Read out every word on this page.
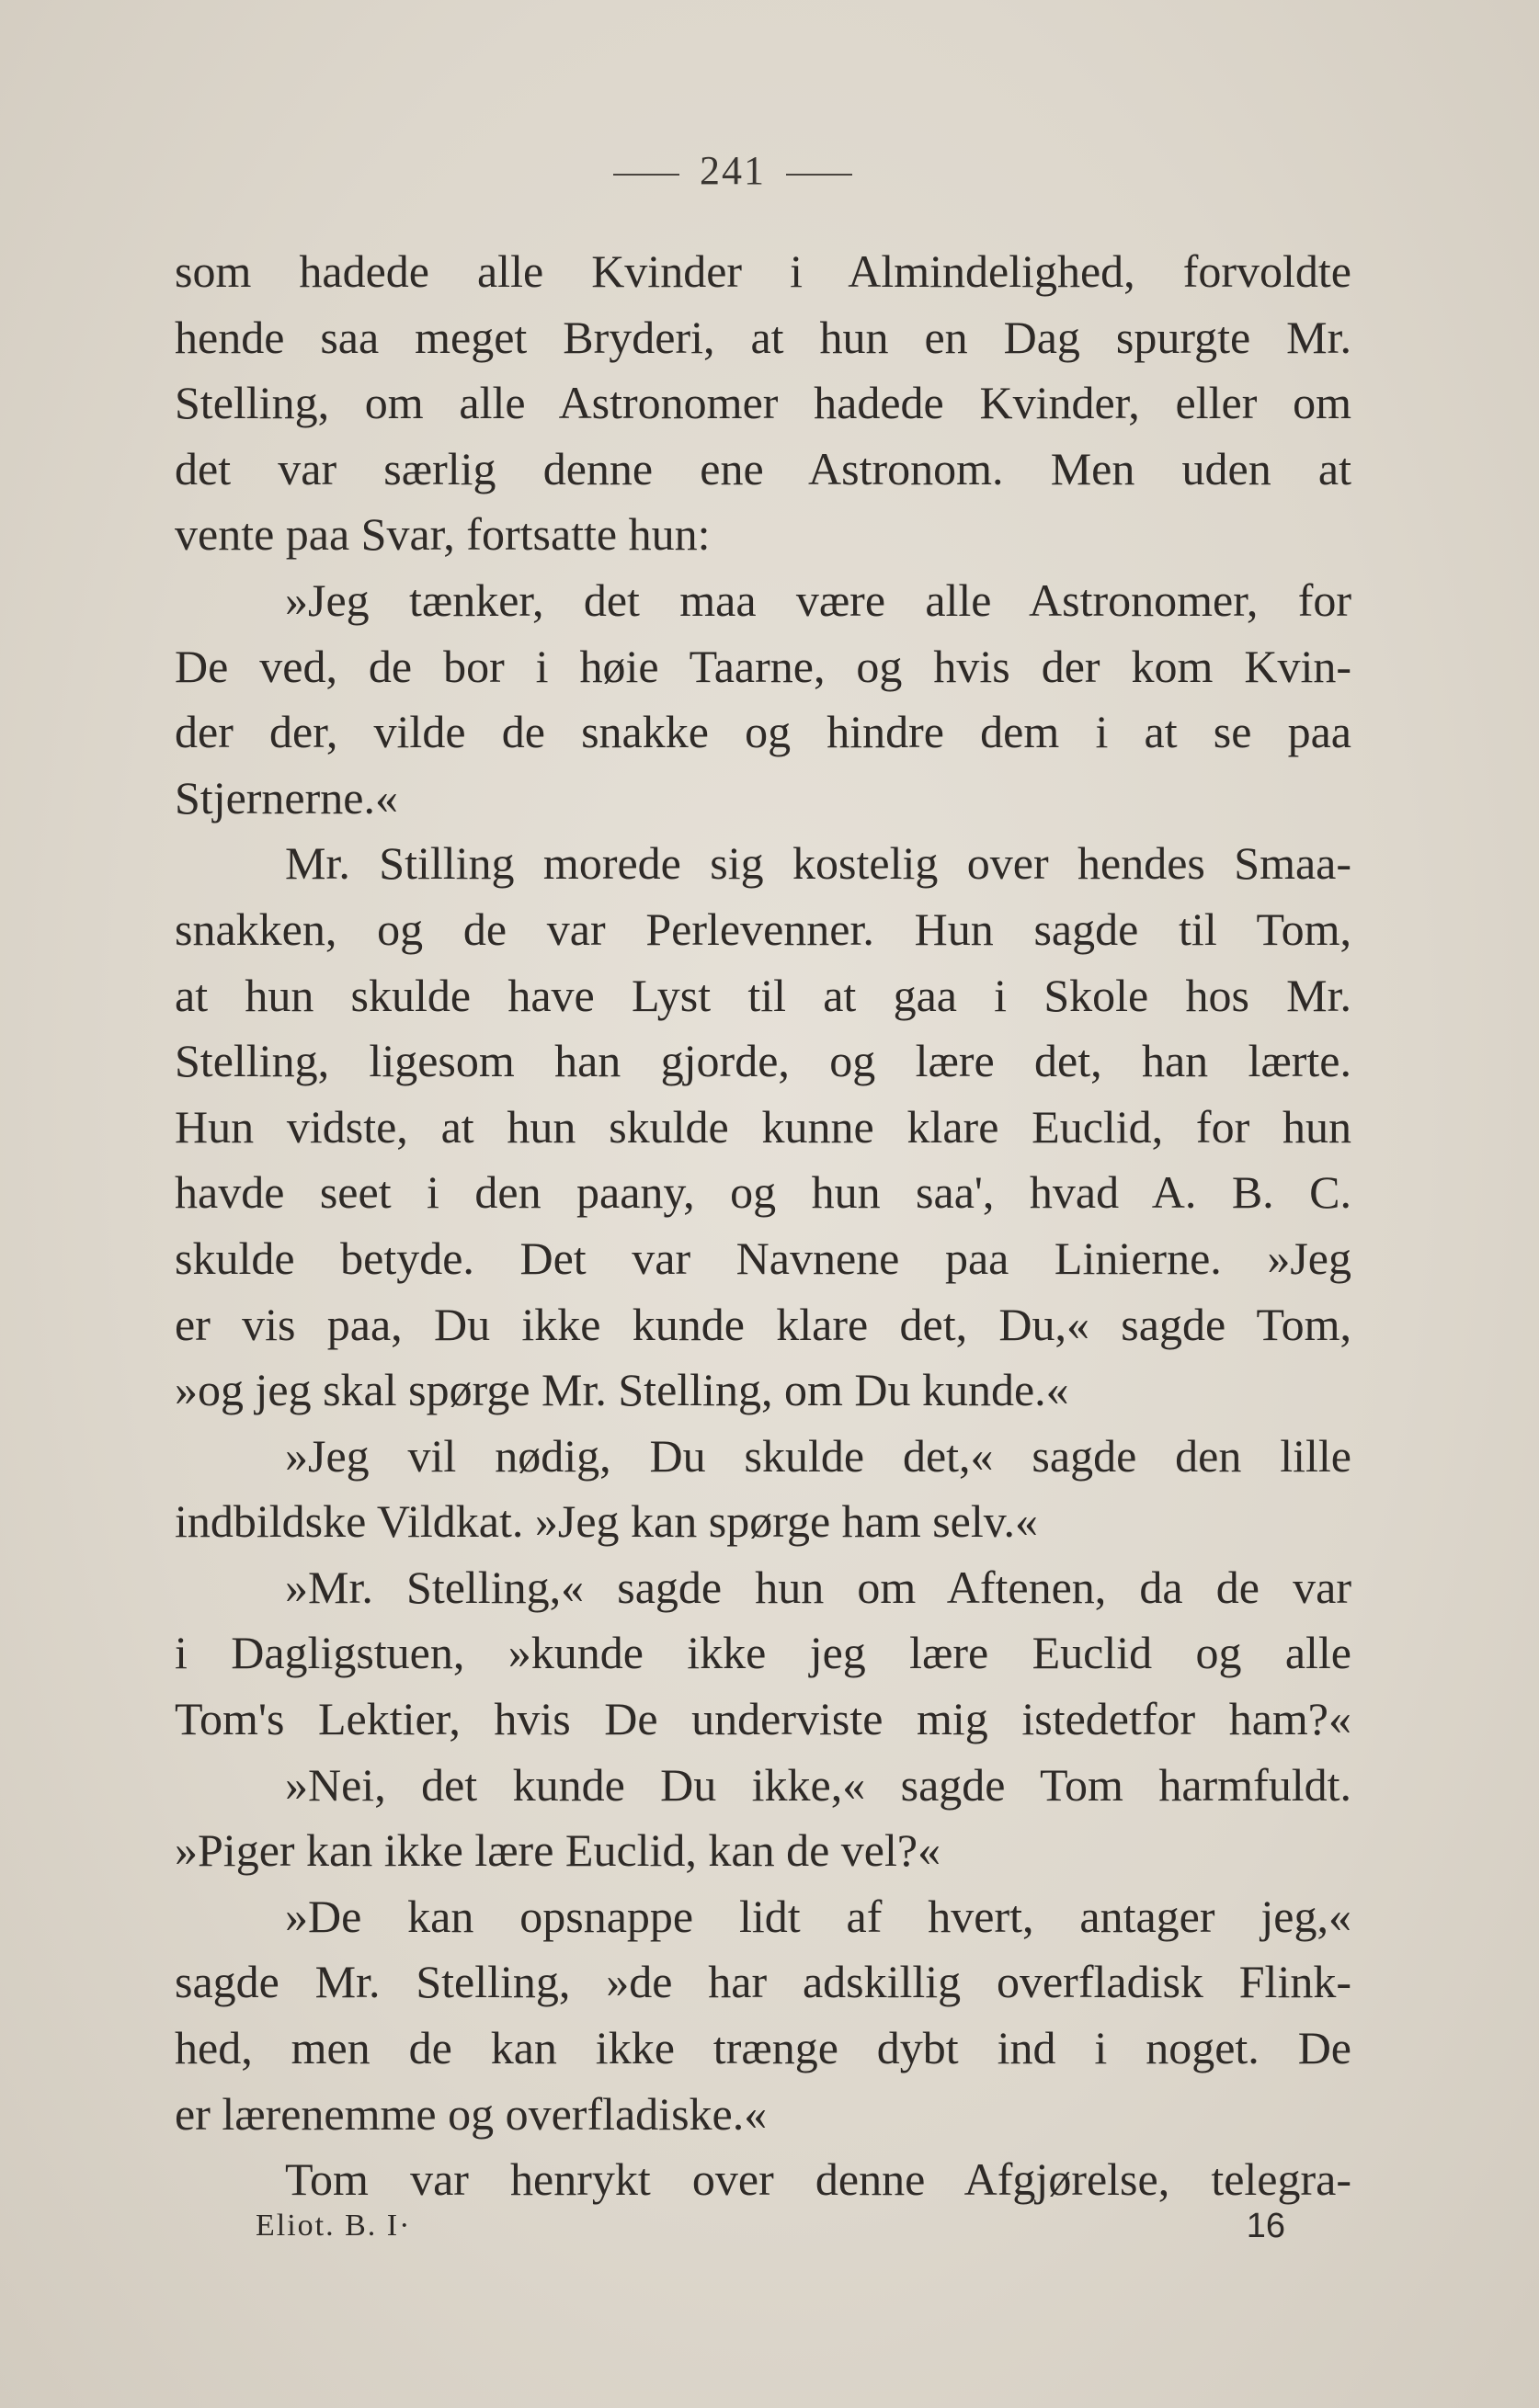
241
som hadede alle Kvinder i Almindelighed, forvoldte
hende saa meget Bryderi, at hun en Dag spurgte Mr.
Stelling, om alle Astronomer hadede Kvinder, eller om
det var særlig denne ene Astronom. Men uden at
vente paa Svar, fortsatte hun:
»Jeg tænker, det maa være alle Astronomer, for
De ved, de bor i høie Taarne, og hvis der kom Kvin-
der der, vilde de snakke og hindre dem i at se paa
Stjernerne.«
Mr. Stilling morede sig kostelig over hendes Smaa-
snakken, og de var Perlevenner. Hun sagde til Tom,
at hun skulde have Lyst til at gaa i Skole hos Mr.
Stelling, ligesom han gjorde, og lære det, han lærte.
Hun vidste, at hun skulde kunne klare Euclid, for hun
havde seet i den paany, og hun saa', hvad A. B. C.
skulde betyde. Det var Navnene paa Linierne. »Jeg
er vis paa, Du ikke kunde klare det, Du,« sagde Tom,
»og jeg skal spørge Mr. Stelling, om Du kunde.«
»Jeg vil nødig, Du skulde det,« sagde den lille
indbildske Vildkat. »Jeg kan spørge ham selv.«
»Mr. Stelling,« sagde hun om Aftenen, da de var
i Dagligstuen, »kunde ikke jeg lære Euclid og alle
Tom's Lektier, hvis De underviste mig istedetfor ham?«
»Nei, det kunde Du ikke,« sagde Tom harmfuldt.
»Piger kan ikke lære Euclid, kan de vel?«
»De kan opsnappe lidt af hvert, antager jeg,«
sagde Mr. Stelling, »de har adskillig overfladisk Flink-
hed, men de kan ikke trænge dybt ind i noget. De
er lærenemme og overfladiske.«
Tom var henrykt over denne Afgjørelse, telegra-
Eliot. B. I·	16
